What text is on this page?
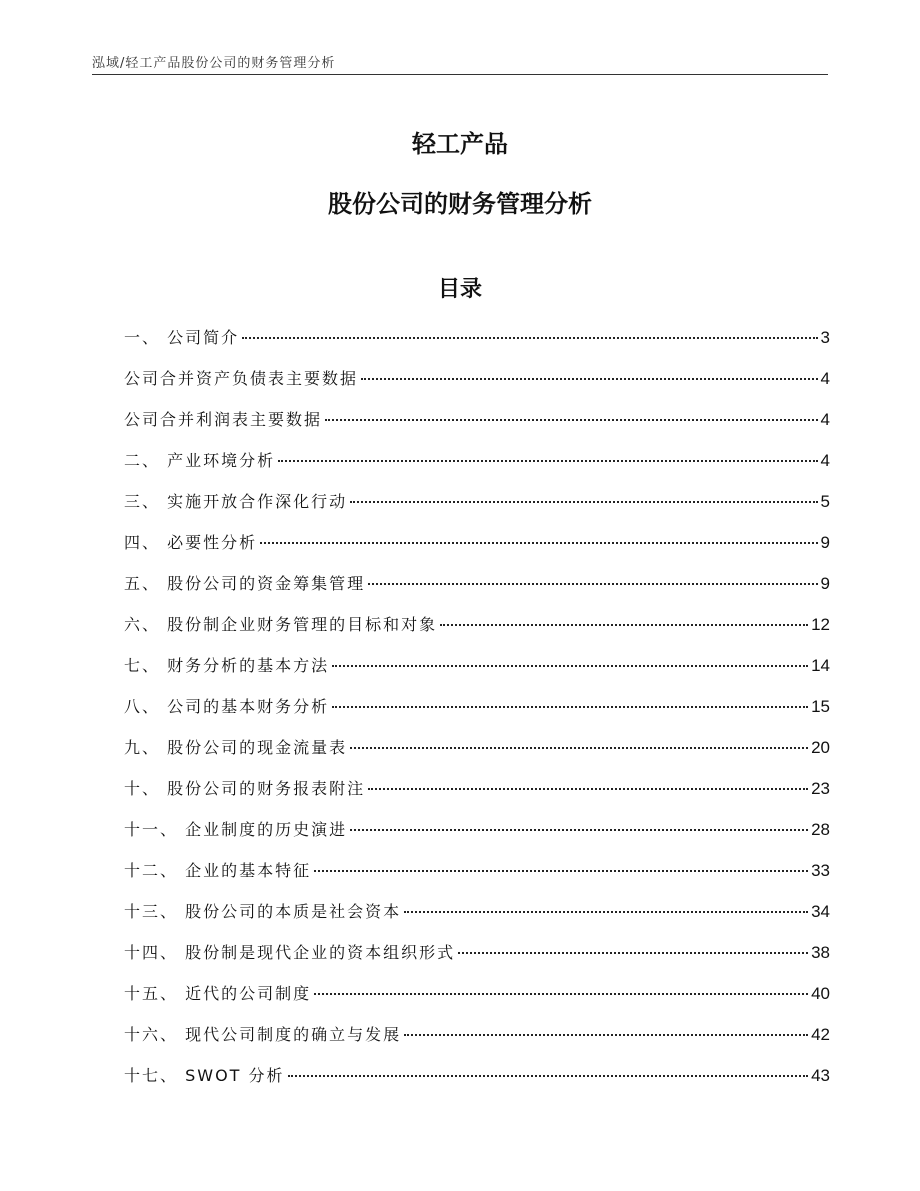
泓域/轻工产品股份公司的财务管理分析
轻工产品
股份公司的财务管理分析
目录
一、 公司简介	3
公司合并资产负债表主要数据	4
公司合并利润表主要数据	4
二、 产业环境分析	4
三、 实施开放合作深化行动	5
四、 必要性分析	9
五、 股份公司的资金筹集管理	9
六、 股份制企业财务管理的目标和对象	12
七、 财务分析的基本方法	14
八、 公司的基本财务分析	15
九、 股份公司的现金流量表	20
十、 股份公司的财务报表附注	23
十一、 企业制度的历史演进	28
十二、 企业的基本特征	33
十三、 股份公司的本质是社会资本	34
十四、 股份制是现代企业的资本组织形式	38
十五、 近代的公司制度	40
十六、 现代公司制度的确立与发展	42
十七、 SWOT 分析	43
